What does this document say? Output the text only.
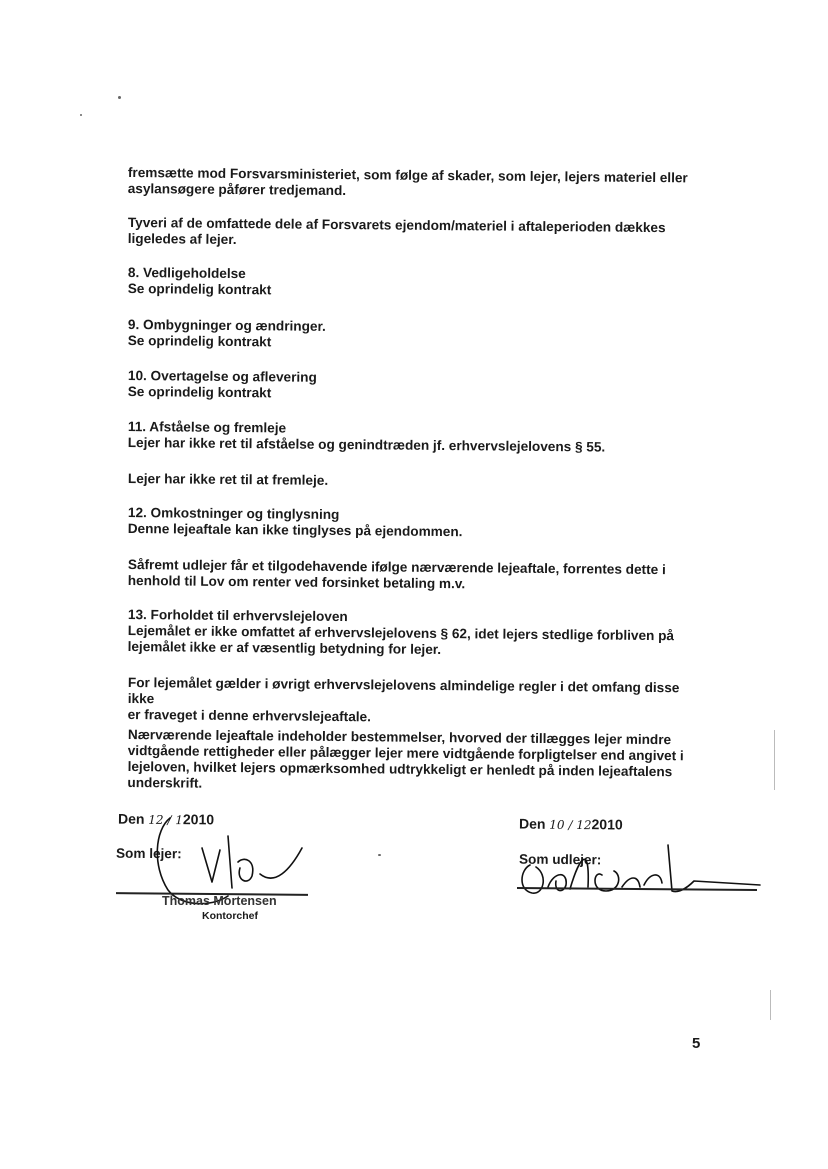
fremsætte mod Forsvarsministeriet, som følge af skader, som lejer, lejers materiel eller

asylansøgere påfører tredjemand.

Tyveri af de omfattede dele af Forsvarets ejendom/materiel i aftaleperioden dækkes

ligeledes af lejer.

8. Vedligeholdelse

Se oprindelig kontrakt

9. Ombygninger og ændringer.

Se oprindelig kontrakt

10. Overtagelse og aflevering

Se oprindelig kontrakt

11. Afståelse og fremleje

Lejer har ikke ret til afståelse og genindtræden jf. erhvervslejelovens § 55.

Lejer har ikke ret til at fremleje.

12. Omkostninger og tinglysning

Denne lejeaftale kan ikke tinglyses på ejendommen.

Såfremt udlejer får et tilgodehavende ifølge nærværende lejeaftale, forrentes dette i

henhold til Lov om renter ved forsinket betaling m.v.

13. Forholdet til erhvervslejeloven

Lejemålet er ikke omfattet af erhvervslejelovens § 62, idet lejers stedlige forbliven på

lejemålet ikke er af væsentlig betydning for lejer.

For lejemålet gælder i øvrigt erhvervslejelovens almindelige regler i det omfang disse ikke

er fraveget i denne erhvervslejeaftale.

Nærværende lejeaftale indeholder bestemmelser, hvorved der tillægges lejer mindre

vidtgående rettigheder eller pålægger lejer mere vidtgående forpligtelser end angivet i

lejeloven, hvilket lejers opmærksomhed udtrykkeligt er henledt på inden lejeaftalens

underskrift.

Den 12 / 12010
Som lejer:
Thomas Mortensen
Kontorchef
Den 10 / 122010
Som udlejer:
5
